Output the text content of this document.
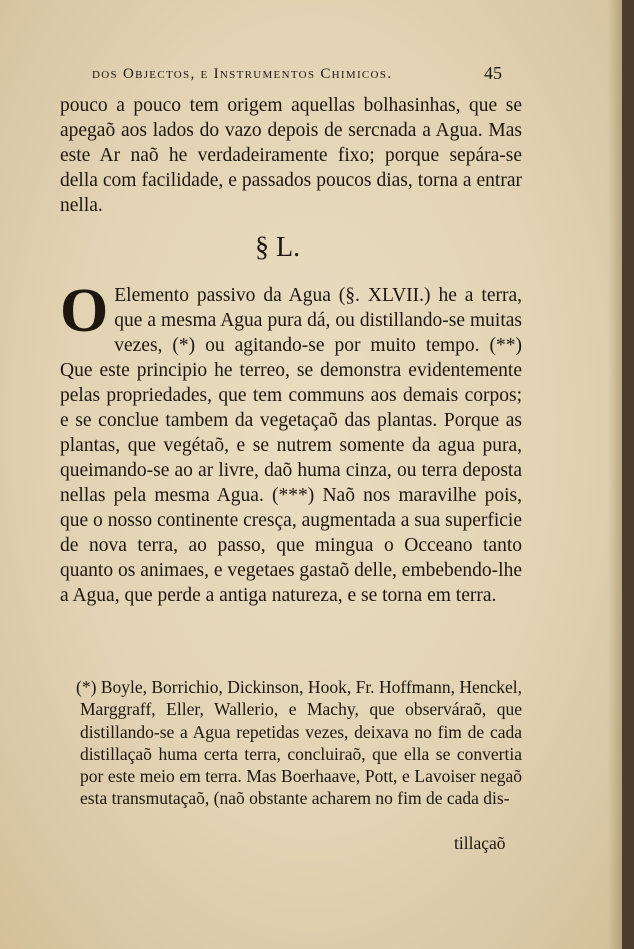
dos Objectos, e Instrumentos Chimicos.	45
pouco a pouco tem origem aquellas bolhasinhas, que se apegaõ aos lados do vazo depois de sercnada a Agua. Mas este Ar naõ he verdadeiramente fixo; porque sepára-se della com facilidade, e passados poucos dias, torna a entrar nella.
§ L.
O Elemento passivo da Agua (§. XLVII.) he a terra, que a mesma Agua pura dá, ou distillando-se muitas vezes, (*) ou agitando-se por muito tempo. (**) Que este principio he terreo, se demonstra evidentemente pelas propriedades, que tem communs aos demais corpos; e se conclue tambem da vegetaçaõ das plantas. Porque as plantas, que vegétaõ, e se nutrem somente da agua pura, queimando-se ao ar livre, daõ huma cinza, ou terra deposta nellas pela mesma Agua. (***) Naõ nos maravilhe pois, que o nosso continente cresça, augmentada a sua superficie de nova terra, ao passo, que mingua o Occeano tanto quanto os animaes, e vegetaes gastaõ delle, embebendo-lhe a Agua, que perde a antiga natureza, e se torna em terra.
(*) Boyle, Borrichio, Dickinson, Hook, Fr. Hoffmann, Henckel, Marggraff, Eller, Wallerio, e Machy, que observáraõ, que distillando-se a Agua repetidas vezes, deixava no fim de cada distillaçaõ huma certa terra, concluiraõ, que ella se convertia por este meio em terra. Mas Boerhaave, Pott, e Lavoiser negaõ esta transmutaçaõ, (naõ obstante acharem no fim de cada dis-
tillaçaõ
